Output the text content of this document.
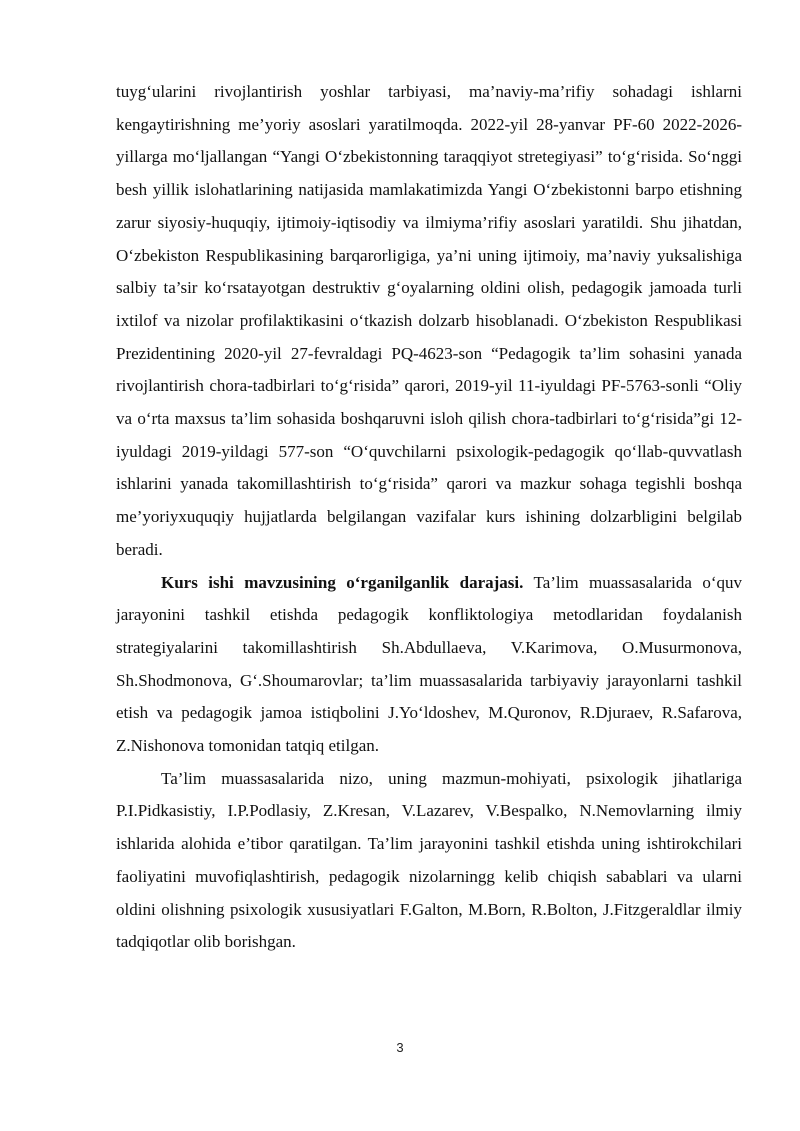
tuyg‘ularini rivojlantirish yoshlar tarbiyasi, ma’naviy-ma’rifiy sohadagi ishlarni kengaytirishning me’yoriy asoslari yaratilmoqda. 2022-yil 28-yanvar PF-60 2022-2026-yillarga mo‘ljallangan “Yangi O‘zbekistonning taraqqiyot stretegiyasi” to‘g‘risida. So‘nggi besh yillik islohatlarining natijasida mamlakatimizda Yangi O‘zbekistonni barpo etishning zarur siyosiy-huquqiy, ijtimoiy-iqtisodiy va ilmiyma’rifiy asoslari yaratildi. Shu jihatdan, O‘zbekiston Respublikasining barqarorligiga, ya’ni uning ijtimoiy, ma’naviy yuksalishiga salbiy ta’sir ko‘rsatayotgan destruktiv g‘oyalarning oldini olish, pedagogik jamoada turli ixtilof va nizolar profilaktikasini o‘tkazish dolzarb hisoblanadi. O‘zbekiston Respublikasi Prezidentining 2020-yil 27-fevraldagi PQ-4623-son “Pedagogik ta’lim sohasini yanada rivojlantirish chora-tadbirlari to‘g‘risida” qarori, 2019-yil 11-iyuldagi PF-5763-sonli “Oliy va o‘rta maxsus ta’lim sohasida boshqaruvni isloh qilish chora-tadbirlari to‘g‘risida”gi 12-iyuldagi 2019-yildagi 577-son “O‘quvchilarni psixologik-pedagogik qo‘llab-quvvatlash ishlarini yanada takomillashtirish to‘g‘risida” qarori va mazkur sohaga tegishli boshqa me’yoriyxuquqiy hujjatlarda belgilangan vazifalar kurs ishining dolzarbligini belgilab beradi.

Kurs ishi mavzusining o‘rganilganlik darajasi. Ta’lim muassasalarida o‘quv jarayonini tashkil etishda pedagogik konfliktologiya metodlaridan foydalanish strategiyalarini takomillashtirish Sh.Abdullaeva, V.Karimova, O.Musurmonova, Sh.Shodmonova, G‘.Shoumarovlar; ta’lim muassasalarida tarbiyaviy jarayonlarni tashkil etish va pedagogik jamoa istiqbolini J.Yo‘ldoshev, M.Quronov, R.Djuraev, R.Safarova, Z.Nishonova tomonidan tatqiq etilgan.

Ta’lim muassasalarida nizo, uning mazmun-mohiyati, psixologik jihatlariga P.I.Pidkasistiy, I.P.Podlasiy, Z.Kresan, V.Lazarev, V.Bespalko, N.Nemovlarning ilmiy ishlarida alohida e’tibor qaratilgan. Ta’lim jarayonini tashkil etishda uning ishtirokchilari faoliyatini muvofiqlashtirish, pedagogik nizolarningg kelib chiqish sabablari va ularni oldini olishning psixologik xususiyatlari F.Galton, M.Born, R.Bolton, J.Fitzgeraldlar ilmiy tadqiqotlar olib borishgan.

3
